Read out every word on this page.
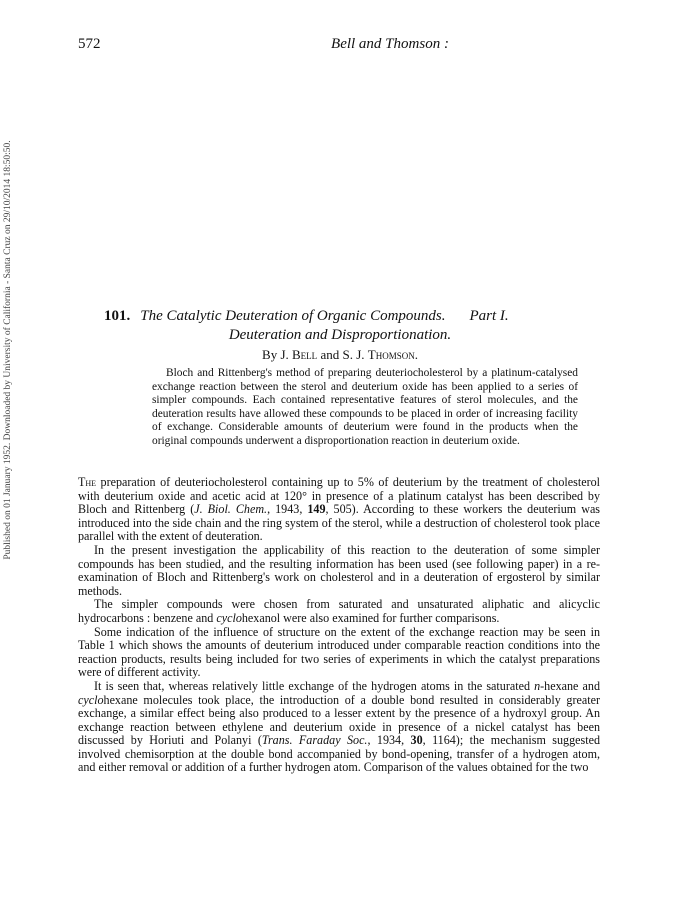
Published on 01 January 1952. Downloaded by University of California - Santa Cruz on 29/10/2014 18:50:50.
572	Bell and Thomson :
101. The Catalytic Deuteration of Organic Compounds. Part I.
Deuteration and Disproportionation.
By J. Bell and S. J. Thomson.
Bloch and Rittenberg's method of preparing deuteriocholesterol by a platinum-catalysed exchange reaction between the sterol and deuterium oxide has been applied to a series of simpler compounds. Each contained representative features of sterol molecules, and the deuteration results have allowed these compounds to be placed in order of increasing facility of exchange. Considerable amounts of deuterium were found in the products when the original compounds underwent a disproportionation reaction in deuterium oxide.

The preparation of deuteriocholesterol containing up to 5% of deuterium by the treatment of cholesterol with deuterium oxide and acetic acid at 120° in presence of a platinum catalyst has been described by Bloch and Rittenberg (J. Biol. Chem., 1943, 149, 505). According to these workers the deuterium was introduced into the side chain and the ring system of the sterol, while a destruction of cholesterol took place parallel with the extent of deuteration.

In the present investigation the applicability of this reaction to the deuteration of some simpler compounds has been studied, and the resulting information has been used (see following paper) in a re-examination of Bloch and Rittenberg's work on cholesterol and in a deuteration of ergosterol by similar methods.

The simpler compounds were chosen from saturated and unsaturated aliphatic and alicyclic hydrocarbons : benzene and cyclohexanol were also examined for further comparisons.

Some indication of the influence of structure on the extent of the exchange reaction may be seen in Table 1 which shows the amounts of deuterium introduced under comparable reaction conditions into the reaction products, results being included for two series of experiments in which the catalyst preparations were of different activity.

It is seen that, whereas relatively little exchange of the hydrogen atoms in the saturated n-hexane and cyclohexane molecules took place, the introduction of a double bond resulted in considerably greater exchange, a similar effect being also produced to a lesser extent by the presence of a hydroxyl group. An exchange reaction between ethylene and deuterium oxide in presence of a nickel catalyst has been discussed by Horiuti and Polanyi (Trans. Faraday Soc., 1934, 30, 1164); the mechanism suggested involved chemisorption at the double bond accompanied by bond-opening, transfer of a hydrogen atom, and either removal or addition of a further hydrogen atom. Comparison of the values obtained for the two
